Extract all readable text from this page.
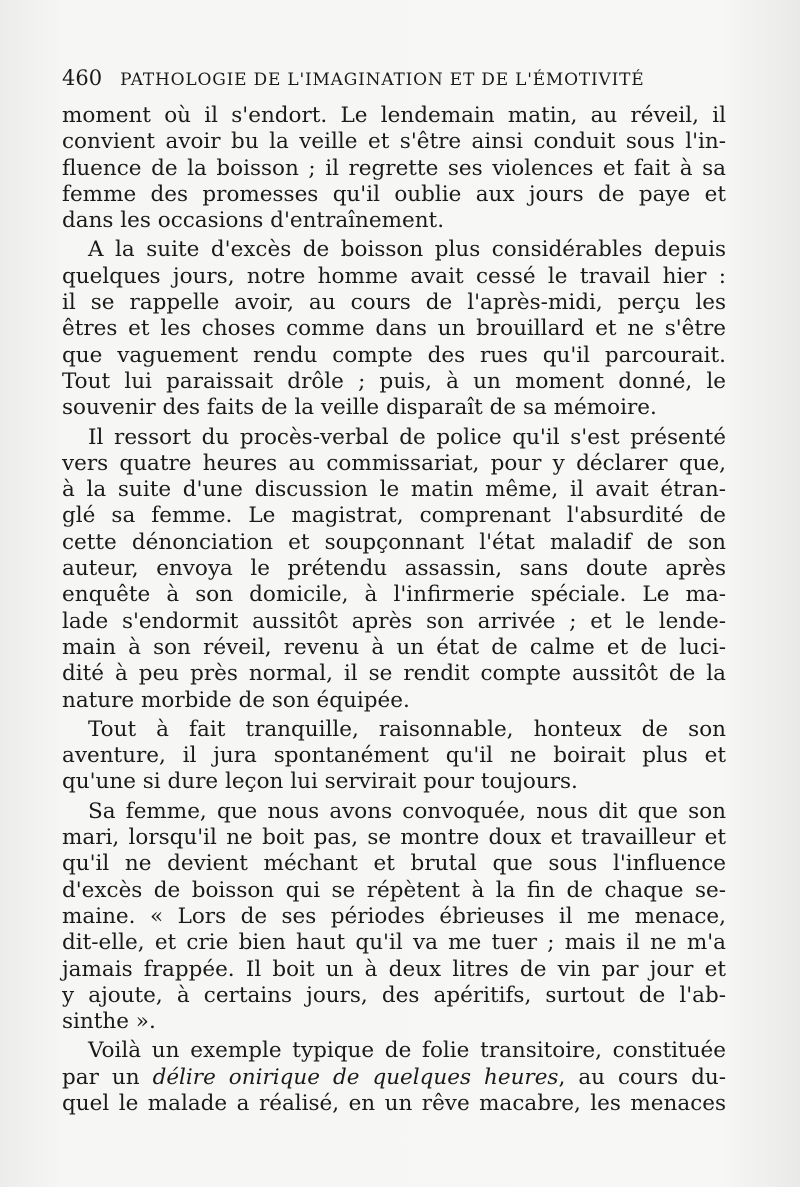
460 PATHOLOGIE DE L'IMAGINATION ET DE L'ÉMOTIVITÉ

moment où il s'endort. Le lendemain matin, au réveil, il
convient avoir bu la veille et s'être ainsi conduit sous l'in-
fluence de la boisson ; il regrette ses violences et fait à sa
femme des promesses qu'il oublie aux jours de paye et
dans les occasions d'entraînement.

A la suite d'excès de boisson plus considérables depuis
quelques jours, notre homme avait cessé le travail hier :
il se rappelle avoir, au cours de l'après-midi, perçu les
êtres et les choses comme dans un brouillard et ne s'être
que vaguement rendu compte des rues qu'il parcourait.
Tout lui paraissait drôle ; puis, à un moment donné, le
souvenir des faits de la veille disparaît de sa mémoire.

Il ressort du procès-verbal de police qu'il s'est présenté
vers quatre heures au commissariat, pour y déclarer que,
à la suite d'une discussion le matin même, il avait étran-
glé sa femme. Le magistrat, comprenant l'absurdité de
cette dénonciation et soupçonnant l'état maladif de son
auteur, envoya le prétendu assassin, sans doute après
enquête à son domicile, à l'infirmerie spéciale. Le ma-
lade s'endormit aussitôt après son arrivée ; et le lende-
main à son réveil, revenu à un état de calme et de luci-
dité à peu près normal, il se rendit compte aussitôt de la
nature morbide de son équipée.

Tout à fait tranquille, raisonnable, honteux de son
aventure, il jura spontanément qu'il ne boirait plus et
qu'une si dure leçon lui servirait pour toujours.

Sa femme, que nous avons convoquée, nous dit que son
mari, lorsqu'il ne boit pas, se montre doux et travailleur et
qu'il ne devient méchant et brutal que sous l'influence
d'excès de boisson qui se répètent à la fin de chaque se-
maine. « Lors de ses périodes ébrieuses il me menace,
dit-elle, et crie bien haut qu'il va me tuer ; mais il ne m'a
jamais frappée. Il boit un à deux litres de vin par jour et
y ajoute, à certains jours, des apéritifs, surtout de l'ab-
sinthe ».

Voilà un exemple typique de folie transitoire, constituée
par un délire onirique de quelques heures, au cours du-
quel le malade a réalisé, en un rêve macabre, les menaces
